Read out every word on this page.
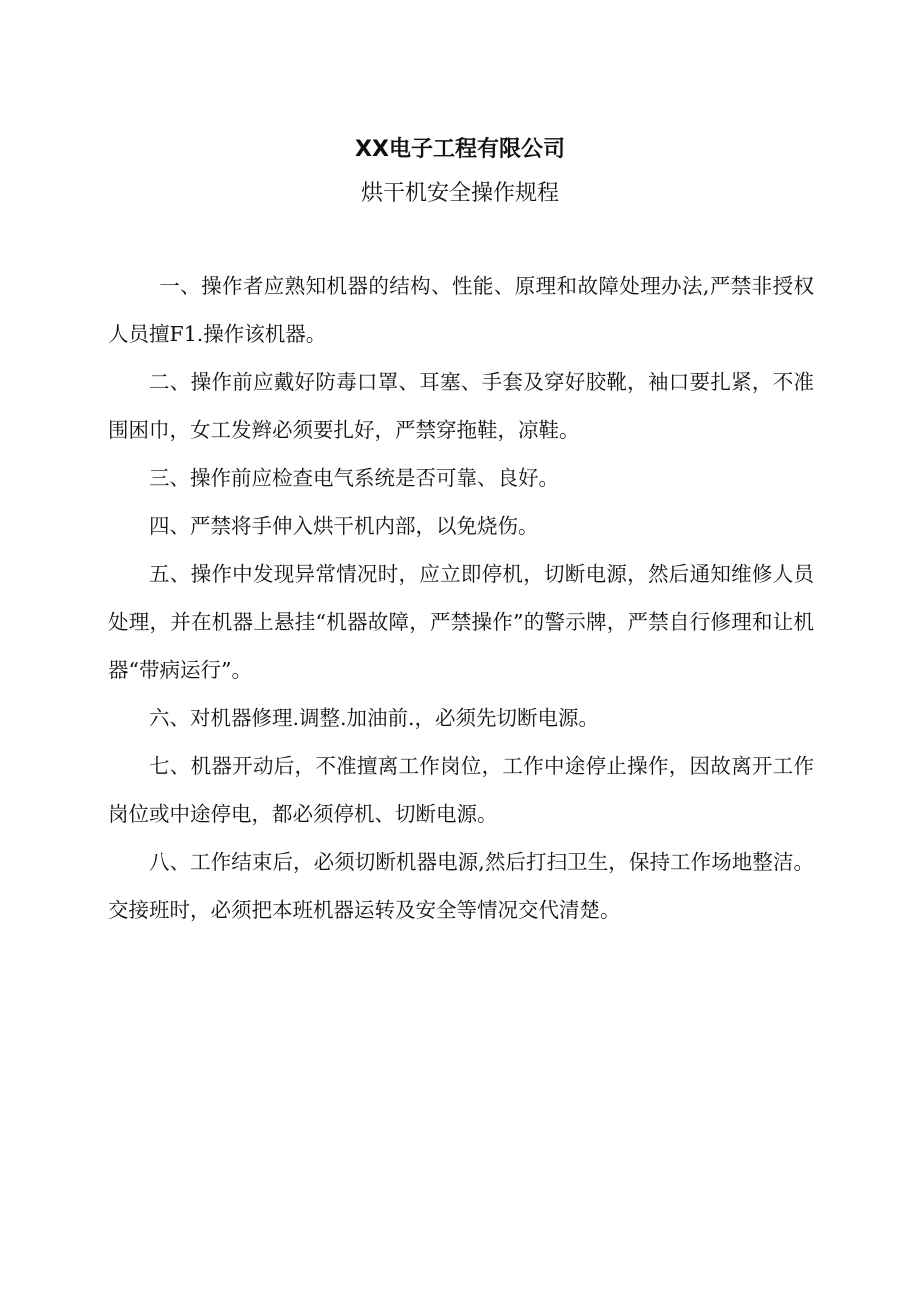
XX电子工程有限公司
烘干机安全操作规程

一、操作者应熟知机器的结构、性能、原理和故障处理办法,严禁非授权人员擅F1.操作该机器。

二、操作前应戴好防毒口罩、耳塞、手套及穿好胶靴，袖口要扎紧，不准围困巾，女工发辫必须要扎好，严禁穿拖鞋，凉鞋。

三、操作前应检查电气系统是否可靠、良好。

四、严禁将手伸入烘干机内部，以免烧伤。

五、操作中发现异常情况时，应立即停机，切断电源，然后通知维修人员处理，并在机器上悬挂“机器故障，严禁操作”的警示牌，严禁自行修理和让机器“带病运行”。

六、对机器修理.调整.加油前.，必须先切断电源。

七、机器开动后，不准擅离工作岗位，工作中途停止操作，因故离开工作岗位或中途停电，都必须停机、切断电源。

八、工作结束后，必须切断机器电源,然后打扫卫生，保持工作场地整洁。交接班时，必须把本班机器运转及安全等情况交代清楚。
